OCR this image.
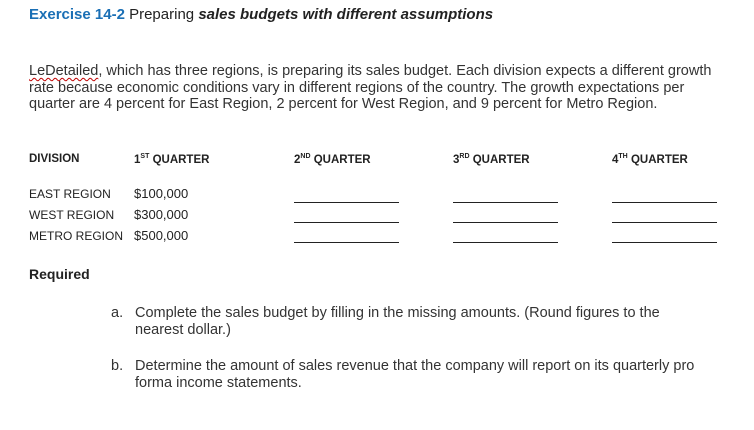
Exercise 14-2 Preparing sales budgets with different assumptions
LeDetailed, which has three regions, is preparing its sales budget. Each division expects a different growth rate because economic conditions vary in different regions of the country. The growth expectations per quarter are 4 percent for East Region, 2 percent for West Region, and 9 percent for Metro Region.
DIVISION	1ST QUARTER	2ND QUARTER	3RD QUARTER	4TH QUARTER
EAST REGION $100,000
WEST REGION $300,000
METRO REGION $500,000
Required
a. Complete the sales budget by filling in the missing amounts. (Round figures to the nearest dollar.)
b. Determine the amount of sales revenue that the company will report on its quarterly pro forma income statements.
